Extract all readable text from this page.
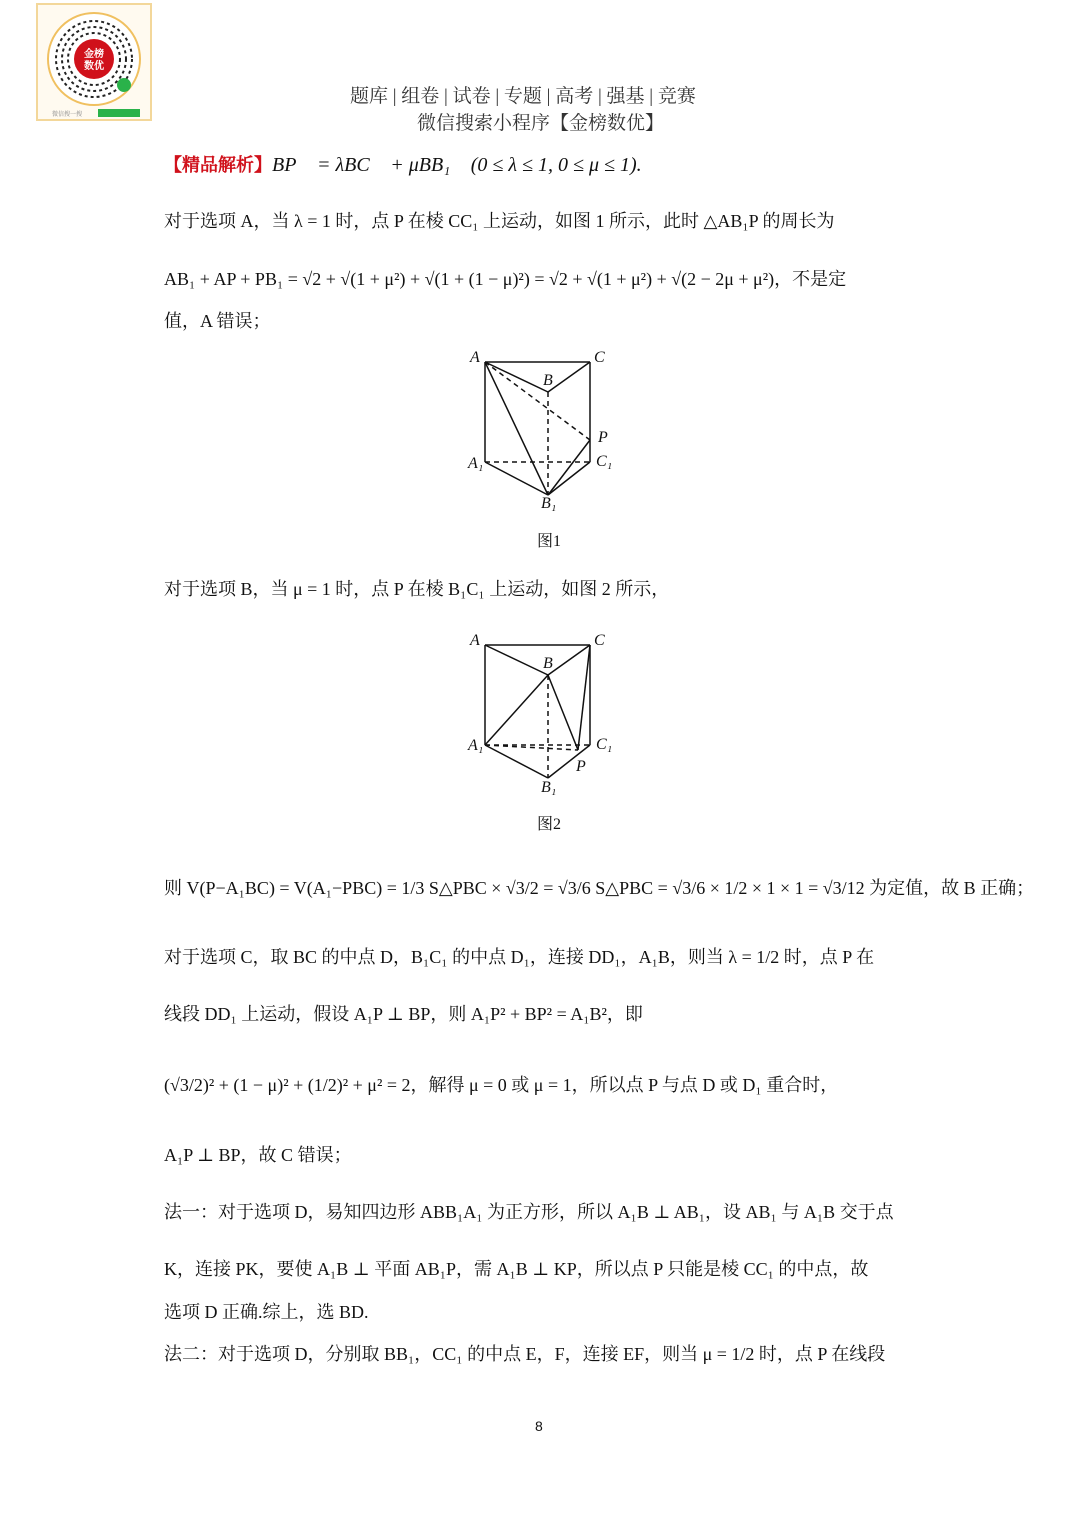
金榜
数优
微信搜一搜
题库 | 组卷 | 试卷 | 专题 | 高考 | 强基 | 竞赛
微信搜索小程序【金榜数优】
【精品解析】BP⃗ = λBC⃗ + μBB₁⃗ (0 ≤ λ ≤ 1, 0 ≤ μ ≤ 1).
对于选项 A，当 λ = 1 时，点 P 在棱 CC₁ 上运动，如图 1 所示，此时 △AB₁P 的周长为
AB₁ + AP + PB₁ = √2 + √(1 + μ²) + √(1 + (1 − μ)²) = √2 + √(1 + μ²) + √(2 − 2μ + μ²)，不是定
值，A 错误；
A	C
B
P
A₁	C₁
B₁
A	C
B
A₁	C₁
P
B₁
图1
对于选项 B，当 μ = 1 时，点 P 在棱 B₁C₁ 上运动，如图 2 所示，
图2
则 V(P−A₁BC) = V(A₁−PBC) = 1/3 S△PBC × √3/2 = √3/6 S△PBC = √3/6 × 1/2 × 1 × 1 = √3/12 为定值，故 B 正确；
对于选项 C，取 BC 的中点 D，B₁C₁ 的中点 D₁，连接 DD₁，A₁B，则当 λ = 1/2 时，点 P 在
线段 DD₁ 上运动，假设 A₁P ⊥ BP，则 A₁P² + BP² = A₁B²，即
(√3/2)² + (1 − μ)² + (1/2)² + μ² = 2，解得 μ = 0 或 μ = 1，所以点 P 与点 D 或 D₁ 重合时，
A₁P ⊥ BP，故 C 错误；
法一：对于选项 D，易知四边形 ABB₁A₁ 为正方形，所以 A₁B ⊥ AB₁，设 AB₁ 与 A₁B 交于点
K，连接 PK，要使 A₁B ⊥ 平面 AB₁P，需 A₁B ⊥ KP，所以点 P 只能是棱 CC₁ 的中点，故
选项 D 正确.综上，选 BD.
法二：对于选项 D，分别取 BB₁，CC₁ 的中点 E，F，连接 EF，则当 μ = 1/2 时，点 P 在线段
8
